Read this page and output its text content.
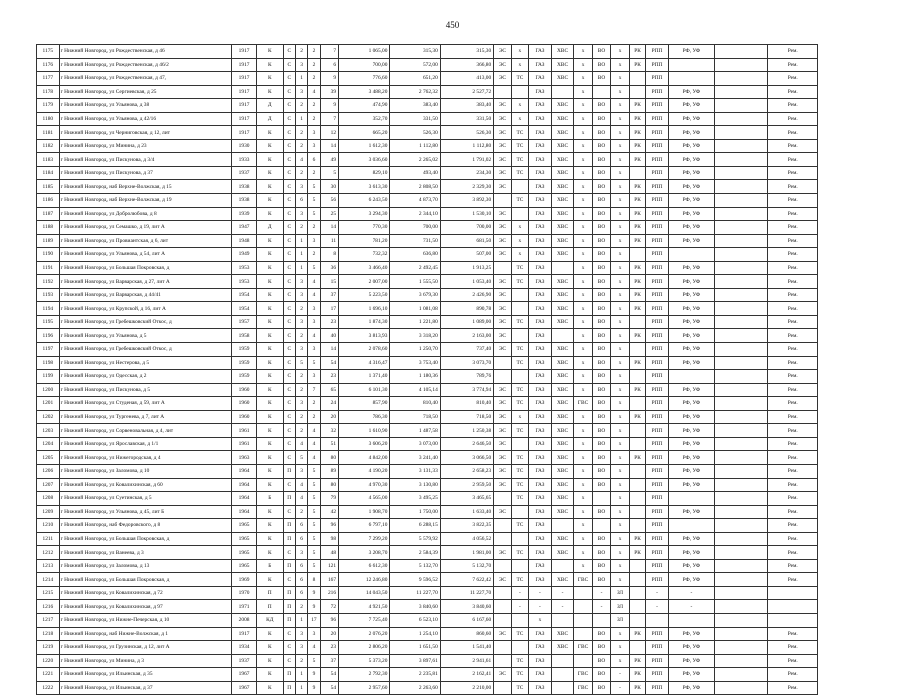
450
1175	г Нижний Новгород, ул Рождественская, д 46	1917	К	С	2	2	7	1 065,00	315,30	315,30	ЭС	х	ГАЗ	ХВС	х	ВО	х	РК	РПП	РФ, УФ		Рем.
1176	г Нижний Новгород, ул Рождественская, д 46/2	1917	К	С	3	2	6	700,00	572,00	366,80	ЭС	х	ГАЗ	ХВС	х	ВО	х	РК	РПП			Рем.
1177	г Нижний Новгород, ул Рождественская, д 47,	1917	К	С	1	2	9	776,60	651,20	413,00	ЭС	ТС	ГАЗ	ХВС	х	ВО	х		РПП			Рем.
1178	г Нижний Новгород, ул Сергиевская, д 25	1917	К	С	3	4	39	3 488,20	2 762,32	2 527,72			ГАЗ		х		х		РПП	РФ, УФ		Рем.
1179	г Нижний Новгород, ул Ульянова, д 38	1917	Д	С	2	2	9	474,90	383,40	383,40	ЭС	х	ГАЗ	ХВС	х	ВО	х	РК	РПП	РФ, УФ		Рем.
1180	г Нижний Новгород, ул Ульянова, д 42/16	1917	Д	С	1	2	7	352,70	331,50	331,50	ЭС	х	ГАЗ	ХВС	х	ВО	х	РК	РПП	РФ, УФ		Рем.
1181	г Нижний Новгород, ул Черниговская, д 12, лит	1917	К	С	2	3	12	665,20	526,30	526,30	ЭС	ТС	ГАЗ	ХВС	х	ВО	х	РК	РПП	РФ, УФ		Рем.
1182	г Нижний Новгород, ул Минина, д 23	1930	К	С	2	3	14	1 612,30	1 112,80	1 112,80	ЭС	ТС	ГАЗ	ХВС	х	ВО	х	РК	РПП	РФ, УФ		Рем.
1183	г Нижний Новгород, ул Пискунова, д 3/4	1933	К	С	4	6	49	3 036,60	2 265,02	1 791,02	ЭС	ТС	ГАЗ	ХВС	х	ВО	х	РК	РПП	РФ, УФ		Рем.
1184	г Нижний Новгород, ул Пискунова, д 37	1937	К	С	2	2	5	829,10	493,40	234,30	ЭС	ТС	ГАЗ	ХВС	х	ВО	х		РПП	РФ, УФ		Рем.
1185	г Нижний Новгород, наб Верхне-Волжская, д 15	1938	К	С	3	5	30	3 613,30	2 808,50	2 329,30	ЭС		ГАЗ	ХВС	х	ВО	х	РК	РПП	РФ, УФ		Рем.
1186	г Нижний Новгород, наб Верхне-Волжская, д 19	1938	К	С	6	5	56	6 243,50	4 873,70	3 892,30		ТС	ГАЗ	ХВС	х	ВО	х	РК	РПП	РФ, УФ		Рем.
1187	г Нижний Новгород, ул Добролюбова, д 8	1939	К	С	3	5	25	3 294,30	2 344,10	1 530,10	ЭС		ГАЗ	ХВС	х	ВО	х	РК	РПП	РФ, УФ		Рем.
1188	г Нижний Новгород, ул Семашко, д 19, лит А	1947	Д	С	2	2	14	770,30	700,00	700,00	ЭС	х	ГАЗ	ХВС	х	ВО	х	РК	РПП	РФ, УФ		Рем.
1189	г Нижний Новгород, ул Провиантская, д 6, лит	1948	К	С	1	3	11	781,20	731,50	681,50	ЭС	х	ГАЗ	ХВС	х	ВО	х	РК	РПП	РФ, УФ		Рем.
1190	г Нижний Новгород, ул Ульянова, д 54, лит А	1949	К	С	1	2	8	732,32	636,80	507,00	ЭС	х	ГАЗ	ХВС	х	ВО	х		РПП			Рем.
1191	г Нижний Новгород, ул Большая Покровская, д	1953	К	С	1	5	36	3 466,40	2 492,45	1 913,25		ТС	ГАЗ		х	ВО	х	РК	РПП	РФ, УФ		Рем.
1192	г Нижний Новгород, ул Варварская, д 27, лит А	1953	К	С	3	4	15	2 007,00	1 555,50	1 053,40	ЭС	ТС	ГАЗ	ХВС	х	ВО	х	РК	РПП	РФ, УФ		Рем.
1193	г Нижний Новгород, ул Варварская, д 44/41	1954	К	С	3	4	37	5 223,50	3 679,30	2 426,90	ЭС		ГАЗ	ХВС	х	ВО	х	РК	РПП	РФ, УФ		Рем.
1194	г Нижний Новгород, ул Крупской, д 16, лит А	1954	К	С	2	3	17	1 696,10	1 081,08	890,78	ЭС		ГАЗ	ХВС	х	ВО	х	РК	РПП	РФ, УФ		Рем.
1195	г Нижний Новгород, ул Гребешковский Откос, д	1957	К	С	3	3	23	1 874,30	1 221,80	1 089,00	ЭС	ТС	ГАЗ	ХВС	х	ВО	х		РПП	РФ, УФ		Рем.
1196	г Нижний Новгород, ул Ульянова, д 5	1958	К	С	2	4	40	3 813,93	3 318,20	2 163,00	ЭС		ГАЗ		х	ВО	х	РК	РПП	РФ, УФ		Рем.
1197	г Нижний Новгород, ул Гребешковский Откос, д	1959	К	С	3	3	14	2 078,60	1 250,70	737,40	ЭС	ТС	ГАЗ	ХВС	х	ВО	х		РПП	РФ, УФ		Рем.
1198	г Нижний Новгород, ул Нестерова, д 5	1959	К	С	5	5	54	4 316,47	3 753,40	3 073,70		ТС	ГАЗ	ХВС	х	ВО	х	РК	РПП	РФ, УФ		Рем.
1199	г Нижний Новгород, ул Одесская, д 2	1959	К	С	2	3	23	1 371,40	1 180,36	789,76			ГАЗ	ХВС	х	ВО	х		РПП			Рем.
1200	г Нижний Новгород, ул Пискунова, д 5	1960	К	С	2	7	65	6 101,30	4 105,14	3 774,94	ЭС	ТС	ГАЗ	ХВС	х	ВО	х	РК	РПП	РФ, УФ		Рем.
1201	г Нижний Новгород, ул Студеная, д 59, лит А	1960	К	С	3	2	24	857,90	810,40	810,40	ЭС	ТС	ГАЗ	ХВС	ГВС	ВО	х		РПП	РФ, УФ		Рем.
1202	г Нижний Новгород, ул Тургенева, д 7, лит А	1960	К	С	2	2	20	786,30	718,50	718,50	ЭС	х	ГАЗ	ХВС	х	ВО	х	РК	РПП	РФ, УФ		Рем.
1203	г Нижний Новгород, ул Сорвеновальная, д 4, лит	1961	К	С	2	4	32	1 610,90	1 487,58	1 250,38	ЭС	ТС	ГАЗ	ХВС	х	ВО	х		РПП	РФ, УФ		Рем.
1204	г Нижний Новгород, ул Ярославская, д 1/1	1961	К	С	4	4	51	3 606,20	3 073,00	2 646,50	ЭС		ГАЗ	ХВС	х	ВО	х		РПП	РФ, УФ		Рем.
1205	г Нижний Новгород, ул Нижегородская, д 4	1963	К	С	5	4	80	4 842,00	3 241,40	3 066,50	ЭС	ТС	ГАЗ	ХВС	х	ВО	х	РК	РПП	РФ, УФ		Рем.
1206	г Нижний Новгород, ул Заломова, д 10	1964	К	П	3	5	89	4 190,20	3 131,33	2 658,23	ЭС	ТС	ГАЗ	ХВС	х	ВО	х		РПП	РФ, УФ		Рем.
1207	г Нижний Новгород, ул Ковалихинская, д 60	1964	К	С	4	5	80	4 970,30	3 130,80	2 959,50	ЭС	ТС	ГАЗ	ХВС	х	ВО	х		РПП	РФ, УФ		Рем.
1208	г Нижний Новгород, ул Суетинская, д 5	1964	Б	П	4	5	79	4 565,00	3 495,25	3 465,65		ТС	ГАЗ	ХВС	х		х		РПП			Рем.
1209	г Нижний Новгород, ул Ульянова, д 45, лит Б	1964	К	С	2	5	42	1 908,70	1 750,00	1 633,40	ЭС		ГАЗ	ХВС	х	ВО	х		РПП	РФ, УФ		Рем.
1210	г Нижний Новгород, наб Федоровского, д 8	1965	К	П	6	5	96	6 797,10	6 288,15	3 822,35		ТС	ГАЗ		х		х		РПП			Рем.
1211	г Нижний Новгород, ул Большая Покровская, д	1965	К	П	6	5	98	7 299,20	5 579,92	4 056,52			ГАЗ	ХВС	х	ВО	х	РК	РПП	РФ, УФ		Рем.
1212	г Нижний Новгород, ул Ванеева, д 3	1965	К	С	3	5	48	3 208,70	2 584,39	1 981,00	ЭС	ТС	ГАЗ	ХВС	х	ВО	х	РК	РПП	РФ, УФ		Рем.
1213	г Нижний Новгород, ул Заломова, д 13	1965	Б	П	6	5	121	6 612,30	5 132,70	5 132,70			ГАЗ		х	ВО	х		РПП	РФ, УФ		Рем.
1214	г Нижний Новгород, ул Большая Покровская, д	1969	К	С	6	8	167	12 246,80	9 596,52	7 622,42	ЭС	ТС	ГАЗ	ХВС	ГВС	ВО	х		РПП	РФ, УФ		Рем.
1215	г Нижний Новгород, ул Ковалихинская, д 72	1970	П	П	6	9	216	14 043,50	11 227,70	11 227,70		-	-	-		-	ЗЛ		-	-		
1216	г Нижний Новгород, ул Ковалихинская, д 97	1971	П	П	2	9	72	4 921,50	3 840,60	3 840,60		-	-	-		-	ЗЛ		-	-		
1217	г Нижний Новгород, ул Нижне-Печерская, д 10	2008	КД	П	1	17	96	7 725,40	6 523,10	6 167,60			х				ЗЛ					
1218	г Нижний Новгород, наб Нижне-Волжская, д 1	1917	К	С	3	3	20	2 076,20	1 254,10	860,60	ЭС	ТС	ГАЗ	ХВС		ВО	х	РК	РПП	РФ, УФ		Рем.
1219	г Нижний Новгород, ул Грузинская, д 12, лит А	1934	К	С	3	4	23	2 806,20	1 651,50	1 541,40			ГАЗ	ХВС	ГВС	ВО	х		РПП	РФ, УФ		Рем.
1220	г Нижний Новгород, ул Минина, д 3	1937	К	С	2	5	37	5 373,20	3 897,61	2 941,61		ТС	ГАЗ			ВО	х	РК	РПП	РФ, УФ		Рем.
1221	г Нижний Новгород, ул Ильинская, д 35	1967	К	П	1	9	54	2 792,30	2 235,81	2 162,41	ЭС	ТС	ГАЗ		ГВС	ВО	-	РК	РПП	РФ, УФ		Рем.
1222	г Нижний Новгород, ул Ильинская, д 37	1967	К	П	1	9	54	2 957,60	2 263,60	2 210,00		ТС	ГАЗ		ГВС	ВО	-	РК	РПП	РФ, УФ		Рем.
